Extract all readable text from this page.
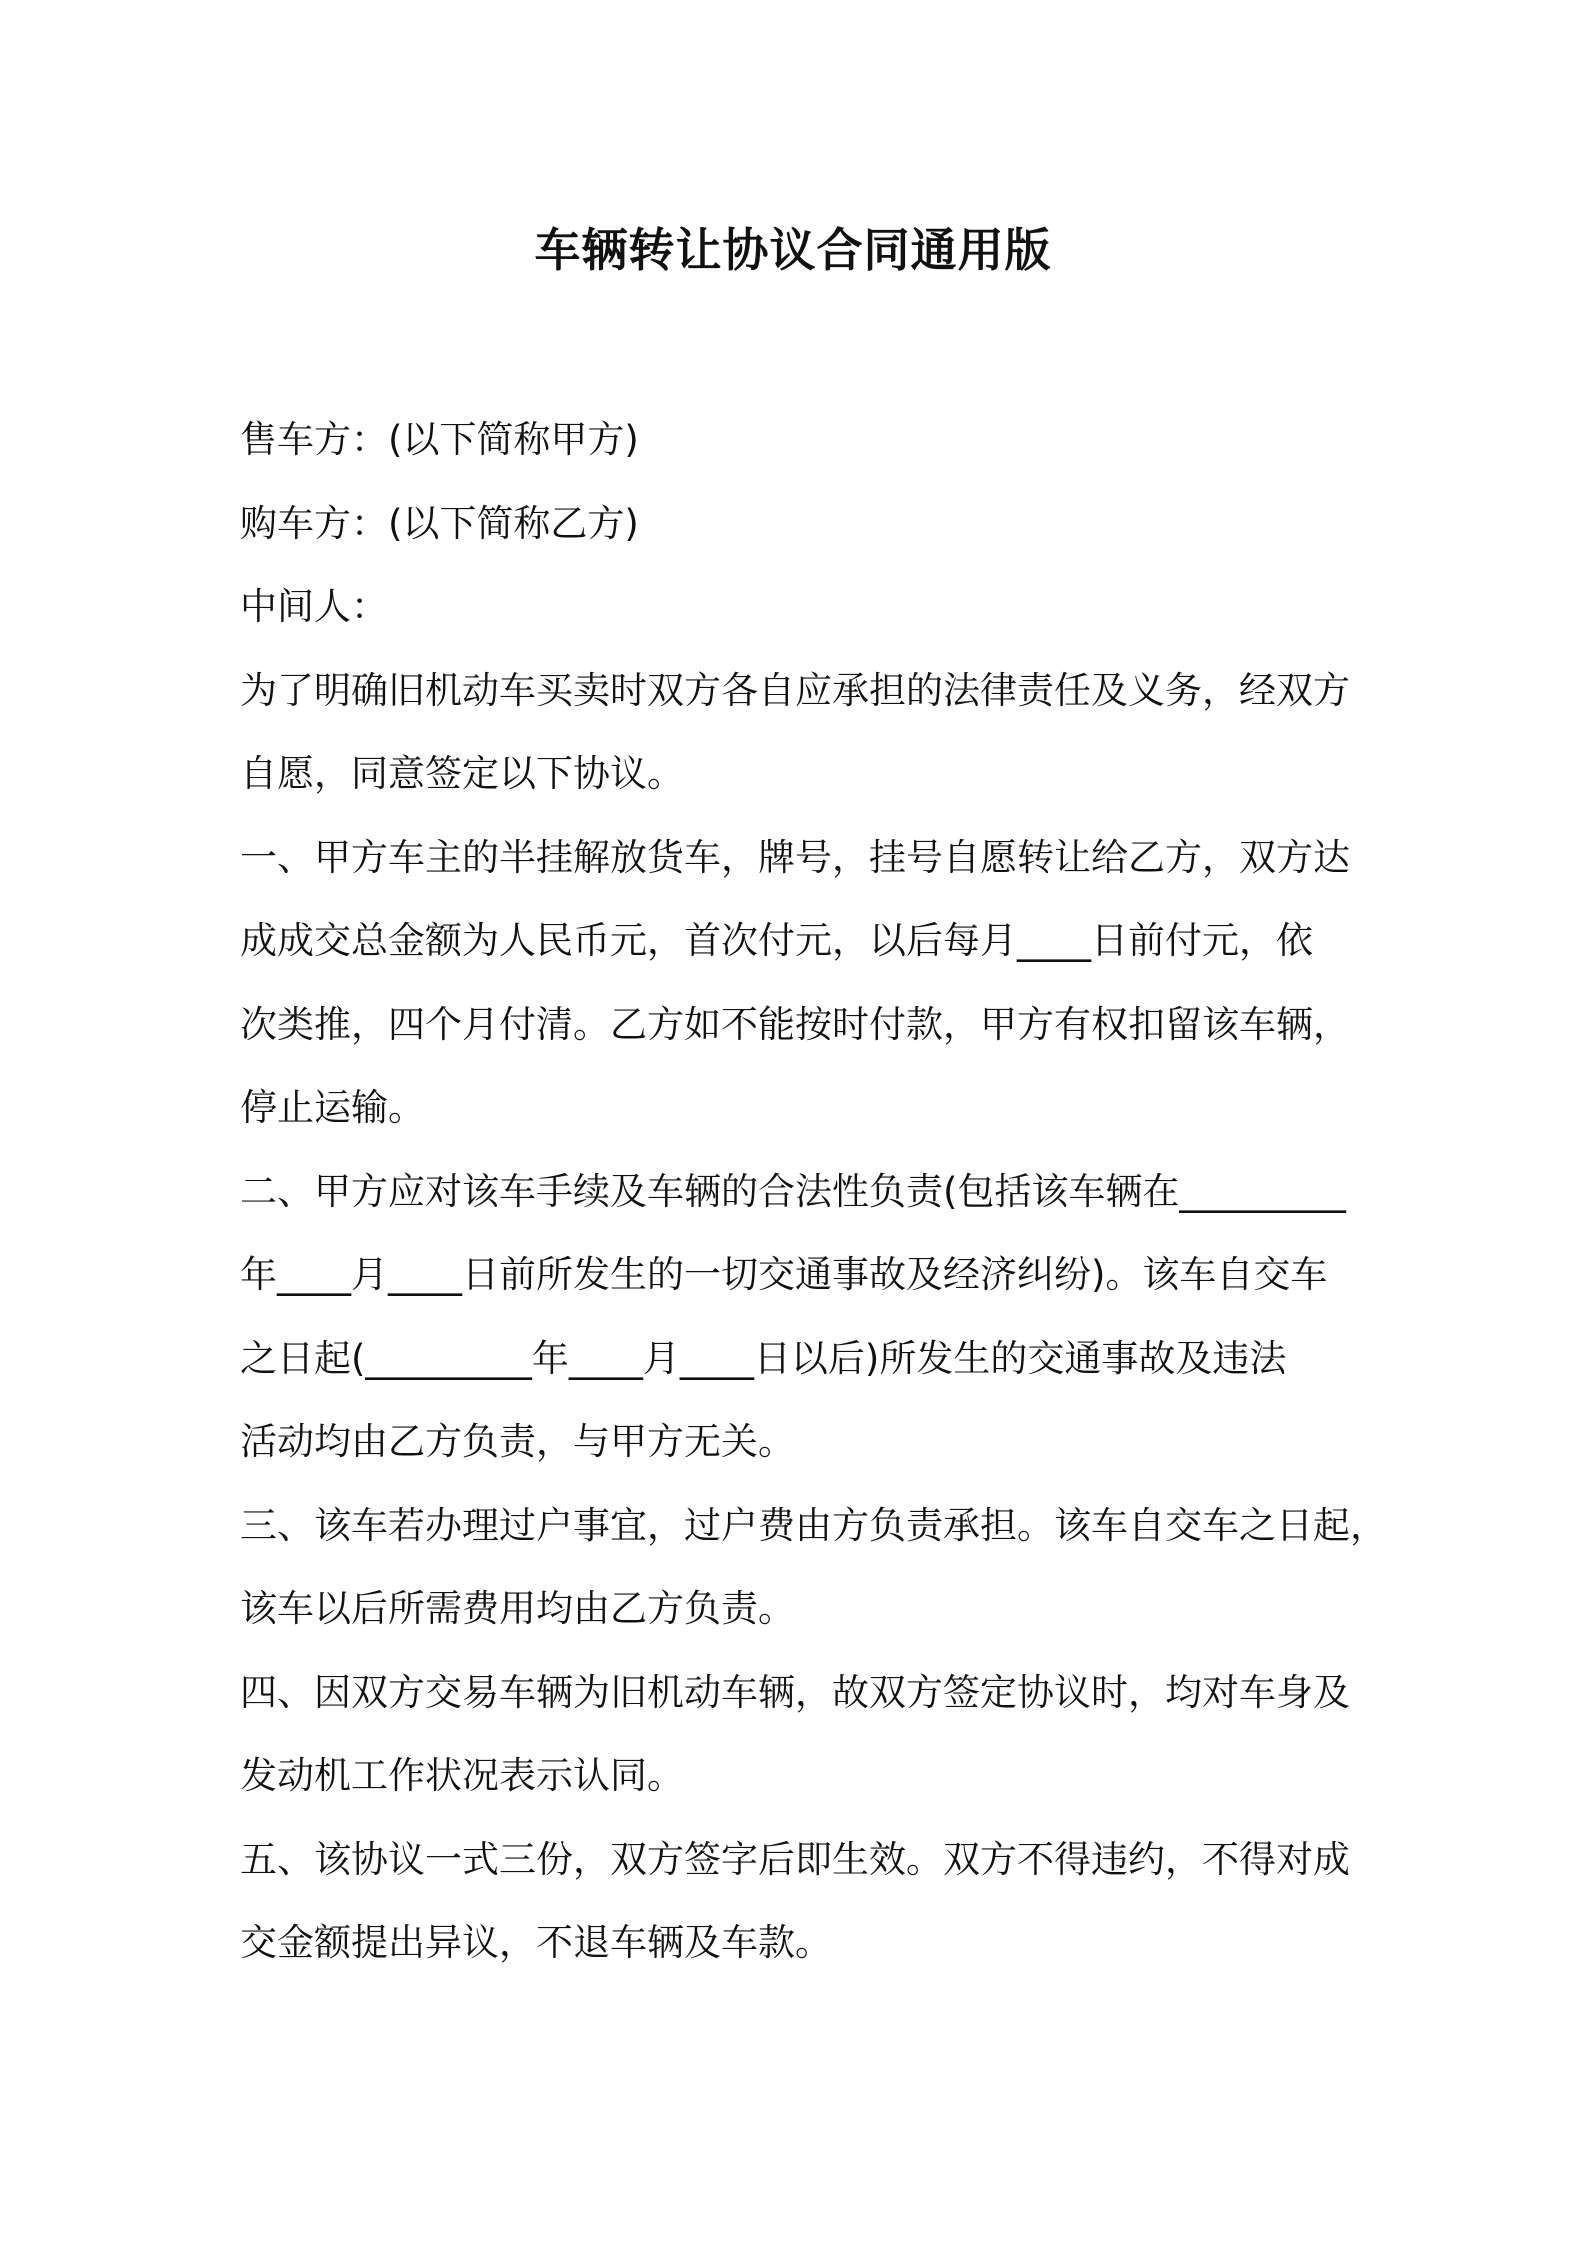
车辆转让协议合同通用版

售车方：(以下简称甲方)

购车方：(以下简称乙方)

中间人：

为了明确旧机动车买卖时双方各自应承担的法律责任及义务，经双方

自愿，同意签定以下协议。

一、甲方车主的半挂解放货车，牌号，挂号自愿转让给乙方，双方达

成成交总金额为人民币元，首次付元，以后每月____日前付元，依

次类推，四个月付清。乙方如不能按时付款，甲方有权扣留该车辆，

停止运输。

二、甲方应对该车手续及车辆的合法性负责(包括该车辆在_________

年____月____日前所发生的一切交通事故及经济纠纷)。该车自交车

之日起(_________年____月____日以后)所发生的交通事故及违法

活动均由乙方负责，与甲方无关。

三、该车若办理过户事宜，过户费由方负责承担。该车自交车之日起，

该车以后所需费用均由乙方负责。

四、因双方交易车辆为旧机动车辆，故双方签定协议时，均对车身及

发动机工作状况表示认同。

五、该协议一式三份，双方签字后即生效。双方不得违约，不得对成

交金额提出异议，不退车辆及车款。
